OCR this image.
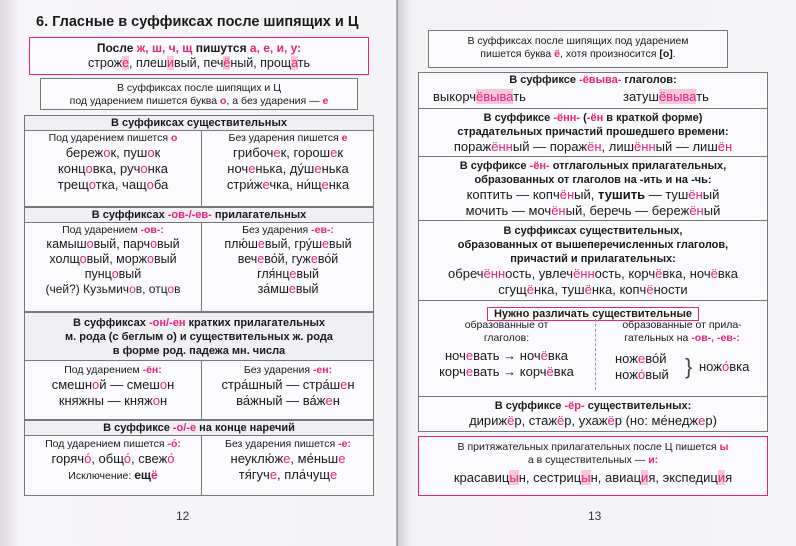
6. Гласные в суффиксах после шипящих и Ц
После ж, ш, ч, щ пишутся а, е, и, у:
строже, плешивый, печёный, прощать
В суффиксах после шипящих и Ц
под ударением пишется буква о, а без ударения — е
В суффиксах существительных
Под ударением пишется о
бережок, пушок
концовка, ручонка
трещотка, чащоба
Без ударения пишется е
грибочек, горошек
ноченька, ду́шенька
стри́жечка, ни́щенка
В суффиксах -ов-/-ев- прилагательных
Под ударением -ов-:
камышовый, парчовый
холщовый, моржовый
пунцовый
(чей?) Кузьмичов, отцов
Без ударения -ев-:
плю́шевый, гру́шевый
вечево́й, гужево́й
гля́нцевый
за́мшевый
В суффиксах -он/-ен кратких прилагательных
м. рода (с беглым о) и существительных ж. рода
в форме род. падежа мн. числа
Под ударением -ён:
смешной — смешон
княжны — княжон
Без ударения -ен:
стра́шный — стра́шен
ва́жный — ва́жен
В суффиксе -о/-е на конце наречий
Под ударением пишется -о́:
горячо́, общо́, свежо́
Исключение: ещё
Без ударения пишется -е:
неуклю́же, ме́ньше
тя́гуче, пла́чуще
12
В суффиксах после шипящих под ударением
пишется буква ё, хотя произносится [о].
В суффиксе -ёвыва- глаголов:
выкорчёвывать	затушёвывать
В суффиксе -ённ- (-ён в краткой форме)
страдательных причастий прошедшего времени:
поражённый — поражён, лишённый — лишён
В суффиксе -ён- отглагольных прилагательных,
образованных от глаголов на -ить и на -чь:
коптить — копчёный, тушить — тушёный
мочить — мочёный, беречь — бережёный
В суффиксах существительных,
образованных от вышеперечисленных глаголов,
причастий и прилагательных:
обречённость, увлечённость, корчёвка, ночёвка
сгущёнка, тушёнка, копчёности
Нужно различать существительные
образованные от
глаголов:
ночевать → ночёвка
корчевать → корчёвка
образованные от прила-
гательных на -ов-, -ев-:
ножево́й
ножо́вый } ножо́вка
В суффиксе -ёр- существительных:
дирижёр, стажёр, ухажёр (но: ме́неджер)
В притяжательных прилагательных после Ц пишется ы
а в существительных — и:
красавицын, сестрицын, авиация, экспедиция
13
